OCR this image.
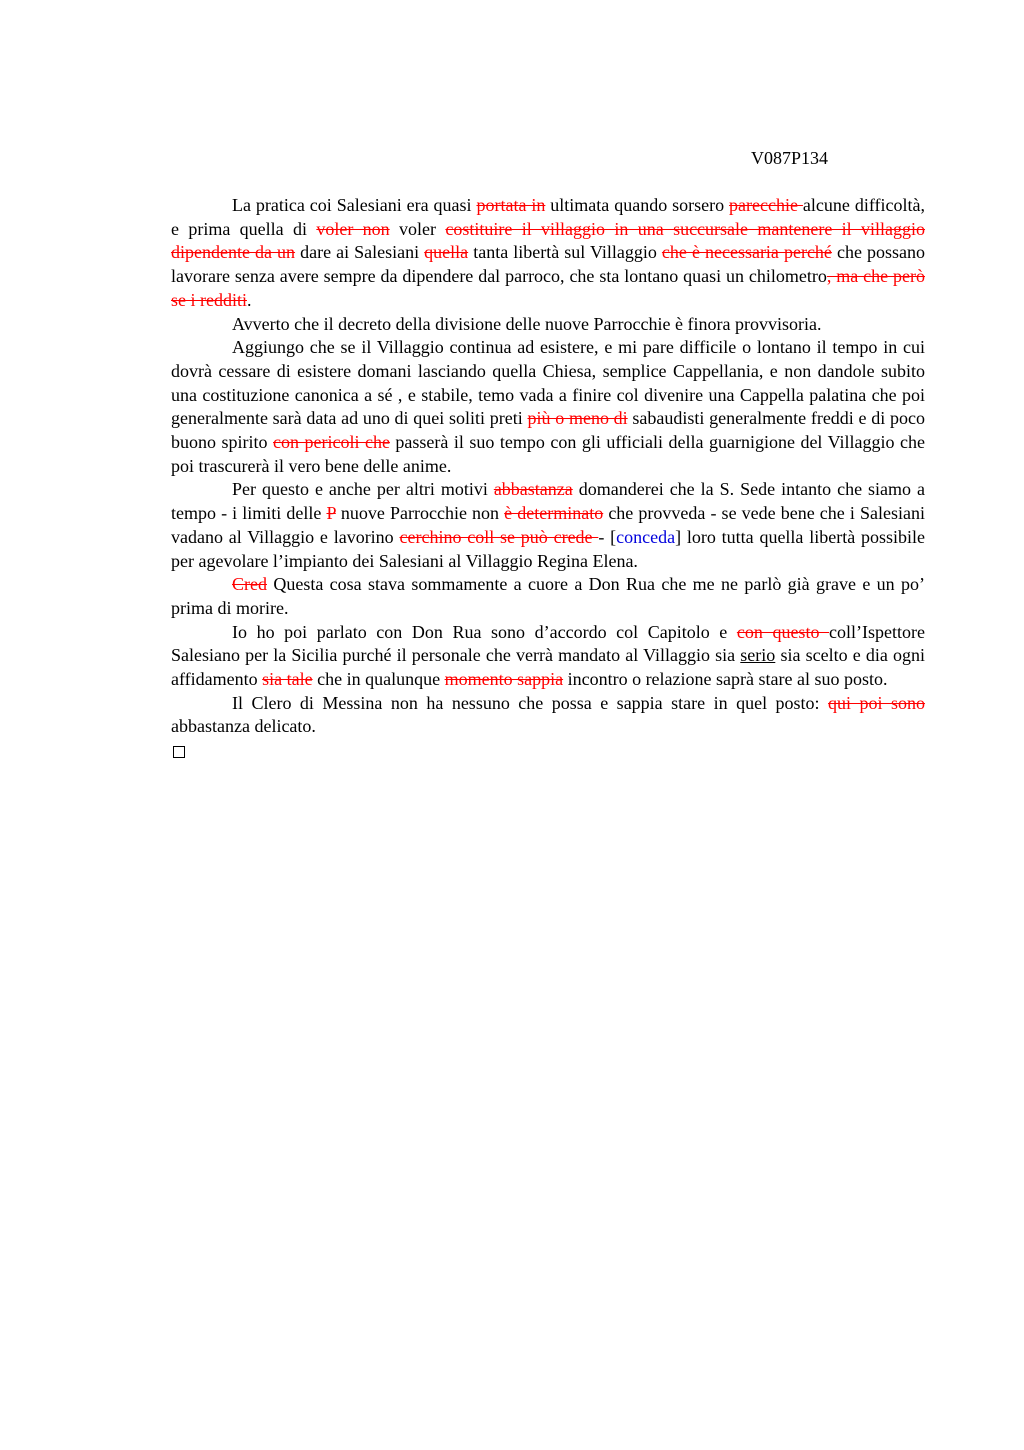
V087P134

La pratica coi Salesiani era quasi portata in ultimata quando sorsero parecchie alcune difficoltà, e prima quella di voler non voler costituire il villaggio in una succursale mantenere il villaggio dipendente da un dare ai Salesiani quella tanta libertà sul Villaggio che è necessaria perché che possano lavorare senza avere sempre da dipendere dal parroco, che sta lontano quasi un chilometro, ma che però se i redditi.

Avverto che il decreto della divisione delle nuove Parrocchie è finora provvisoria.

Aggiungo che se il Villaggio continua ad esistere, e mi pare difficile o lontano il tempo in cui dovrà cessare di esistere domani lasciando quella Chiesa, semplice Cappellania, e non dandole subito una costituzione canonica a sé , e stabile, temo vada a finire col divenire una Cappella palatina che poi generalmente sarà data ad uno di quei soliti preti più o meno di sabaudisti generalmente freddi e di poco buono spirito con pericoli che passerà il suo tempo con gli ufficiali della guarnigione del Villaggio che poi trascurerà il vero bene delle anime.

Per questo e anche per altri motivi abbastanza domanderei che la S. Sede intanto che siamo a tempo - i limiti delle P nuove Parrocchie non è determinato che provveda - se vede bene che i Salesiani vadano al Villaggio e lavorino cerchino coll se può crede - [conceda] loro tutta quella libertà possibile per agevolare l’impianto dei Salesiani al Villaggio Regina Elena.

Cred Questa cosa stava sommamente a cuore a Don Rua che me ne parlò già grave e un po’ prima di morire.

Io ho poi parlato con Don Rua sono d’accordo col Capitolo e con questo coll’Ispettore Salesiano per la Sicilia purché il personale che verrà mandato al Villaggio sia serio sia scelto e dia ogni affidamento sia tale che in qualunque momento sappia incontro o relazione saprà stare al suo posto.

Il Clero di Messina non ha nessuno che possa e sappia stare in quel posto: qui poi sono abbastanza delicato.
